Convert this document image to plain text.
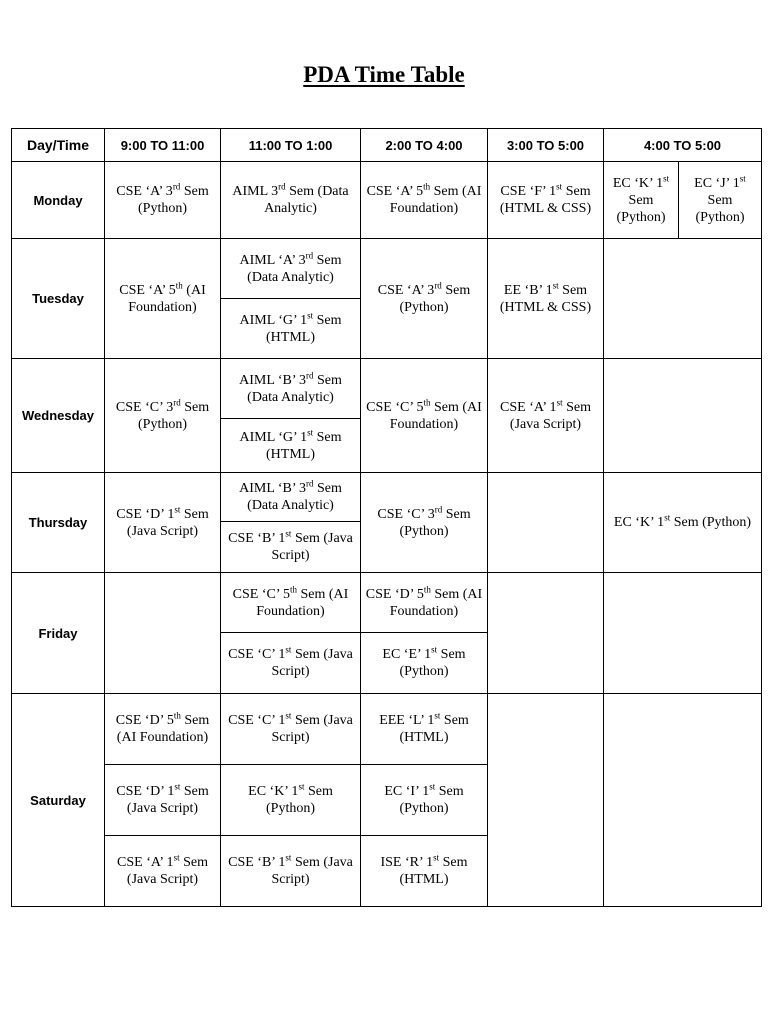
PDA Time Table
Day/Time	9:00 TO 11:00	11:00 TO 1:00	2:00 TO 4:00	3:00 TO 5:00	4:00 TO 5:00	
Monday	CSE ‘A’ 3rd Sem (Python)	AIML 3rd Sem (Data Analytic)	CSE ‘A’ 5th Sem (AI Foundation)	CSE ‘F’ 1st Sem (HTML & CSS)	EC ‘K’ 1st Sem (Python)	EC ‘J’ 1st Sem (Python)
Tuesday	CSE ‘A’ 5th (AI Foundation)	AIML ‘A’ 3rd Sem (Data Analytic)	CSE ‘A’ 3rd Sem (Python)	EE ‘B’ 1st Sem (HTML & CSS)		
		AIML ‘G’ 1st Sem (HTML)				
Wednesday	CSE ‘C’ 3rd Sem (Python)	AIML ‘B’ 3rd Sem (Data Analytic)	CSE ‘C’ 5th Sem (AI Foundation)	CSE ‘A’ 1st Sem (Java Script)		
		AIML ‘G’ 1st Sem (HTML)				
Thursday	CSE ‘D’ 1st Sem (Java Script)	AIML ‘B’ 3rd Sem (Data Analytic)	CSE ‘C’ 3rd Sem (Python)		EC ‘K’ 1st Sem (Python)	
		CSE ‘B’ 1st Sem (Java Script)				
Friday		CSE ‘C’ 5th Sem (AI Foundation)	CSE ‘D’ 5th Sem (AI Foundation)			
		CSE ‘C’ 1st Sem (Java Script)	EC ‘E’ 1st Sem (Python)			
Saturday	CSE ‘D’ 5th Sem (AI Foundation)	CSE ‘C’ 1st Sem (Java Script)	EEE ‘L’ 1st Sem (HTML)			
	CSE ‘D’ 1st Sem (Java Script)	EC ‘K’ 1st Sem (Python)	EC ‘I’ 1st Sem (Python)			
	CSE ‘A’ 1st Sem (Java Script)	CSE ‘B’ 1st Sem (Java Script)	ISE ‘R’ 1st Sem (HTML)			
